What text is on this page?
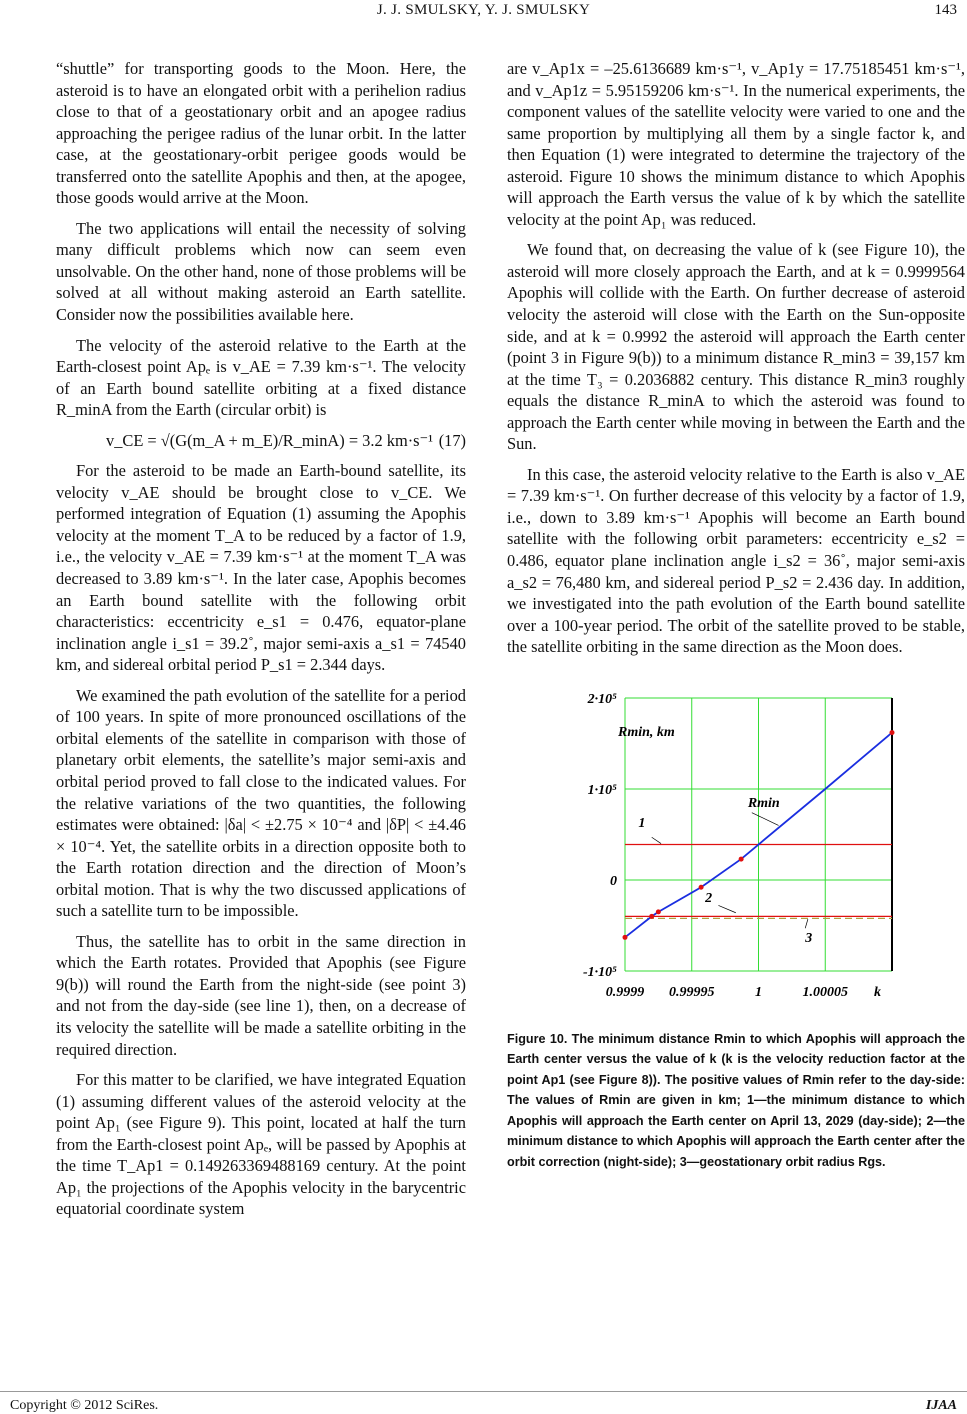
J. J. SMULSKY, Y. J. SMULSKY	143

“shuttle” for transporting goods to the Moon. Here, the asteroid is to have an elongated orbit with a perihelion radius close to that of a geostationary orbit and an apogee radius approaching the perigee radius of the lunar orbit. In the latter case, at the geostationary-orbit perigee goods would be transferred onto the satellite Apophis and then, at the apogee, those goods would arrive at the Moon.

The two applications will entail the necessity of solving many difficult problems which now can seem even unsolvable. On the other hand, none of those problems will be solved at all without making asteroid an Earth satellite. Consider now the possibilities available here.

The velocity of the asteroid relative to the Earth at the Earth-closest point Apₑ is v_AE = 7.39 km·s⁻¹. The velocity of an Earth bound satellite orbiting at a fixed distance R_minA from the Earth (circular orbit) is

v_CE = √(G(m_A + m_E)/R_minA) = 3.2 km·s⁻¹ (17)

For the asteroid to be made an Earth-bound satellite, its velocity v_AE should be brought close to v_CE. We performed integration of Equation (1) assuming the Apophis velocity at the moment T_A to be reduced by a factor of 1.9, i.e., the velocity v_AE = 7.39 km·s⁻¹ at the moment T_A was decreased to 3.89 km·s⁻¹. In the later case, Apophis becomes an Earth bound satellite with the following orbit characteristics: eccentricity e_s1 = 0.476, equator-plane inclination angle i_s1 = 39.2˚, major semi-axis a_s1 = 74540 km, and sidereal orbital period P_s1 = 2.344 days.

We examined the path evolution of the satellite for a period of 100 years. In spite of more pronounced oscillations of the orbital elements of the satellite in comparison with those of planetary orbit elements, the satellite’s major semi-axis and orbital period proved to fall close to the indicated values. For the relative variations of the two quantities, the following estimates were obtained: |δa| < ±2.75 × 10⁻⁴ and |δP| < ±4.46 × 10⁻⁴. Yet, the satellite orbits in a direction opposite both to the Earth rotation direction and the direction of Moon’s orbital motion. That is why the two discussed applications of such a satellite turn to be impossible.

Thus, the satellite has to orbit in the same direction in which the Earth rotates. Provided that Apophis (see Figure 9(b)) will round the Earth from the night-side (see point 3) and not from the day-side (see line 1), then, on a decrease of its velocity the satellite will be made a satellite orbiting in the required direction.

For this matter to be clarified, we have integrated Equation (1) assuming different values of the asteroid velocity at the point Ap₁ (see Figure 9). This point, located at half the turn from the Earth-closest point Apₑ, will be passed by Apophis at the time T_Ap1 = 0.149263369488169 century. At the point Ap₁ the projections of the Apophis velocity in the barycentric equatorial coordinate system

are v_Ap1x = –25.6136689 km·s⁻¹, v_Ap1y = 17.75185451 km·s⁻¹, and v_Ap1z = 5.95159206 km·s⁻¹. In the numerical experiments, the component values of the satellite velocity were varied to one and the same proportion by multiplying all them by a single factor k, and then Equation (1) were integrated to determine the trajectory of the asteroid. Figure 10 shows the minimum distance to which Apophis will approach the Earth versus the value of k by which the satellite velocity at the point Ap₁ was reduced.

We found that, on decreasing the value of k (see Figure 10), the asteroid will more closely approach the Earth, and at k = 0.9999564 Apophis will collide with the Earth. On further decrease of asteroid velocity the asteroid will close with the Earth on the Sun-opposite side, and at k = 0.9992 the asteroid will approach the Earth center (point 3 in Figure 9(b)) to a minimum distance R_min3 = 39,157 km at the time T₃ = 0.2036882 century. This distance R_min3 roughly equals the distance R_minA to which the asteroid was found to approach the Earth center while moving in between the Earth and the Sun.

In this case, the asteroid velocity relative to the Earth is also v_AE = 7.39 km·s⁻¹. On further decrease of this velocity by a factor of 1.9, i.e., down to 3.89 km·s⁻¹ Apophis will become an Earth bound satellite with the following orbit parameters: eccentricity e_s2 = 0.486, equator plane inclination angle i_s2 = 36˚, major semi-axis a_s2 = 76,480 km, and sidereal period P_s2 = 2.436 day. In addition, we investigated into the path evolution of the Earth bound satellite over a 100-year period. The orbit of the satellite proved to be stable, the satellite orbiting in the same direction as the Moon does.

2·10⁵
1·10⁵
0
-1·10⁵
0.9999 0.99995	1	1.00005 k
Rmin, km
Rmin
1
2
3
Figure 10. The minimum distance Rmin to which Apophis will approach the Earth center versus the value of k (k is the velocity reduction factor at the point Ap1 (see Figure 8)). The positive values of Rmin refer to the day-side: The values of Rmin are given in km; 1—the minimum distance to which Apophis will approach the Earth center on April 13, 2029 (day-side); 2—the minimum distance to which Apophis will approach the Earth center after the orbit correction (night-side); 3—geostationary orbit radius Rgs.
Copyright © 2012 SciRes.	IJAA
